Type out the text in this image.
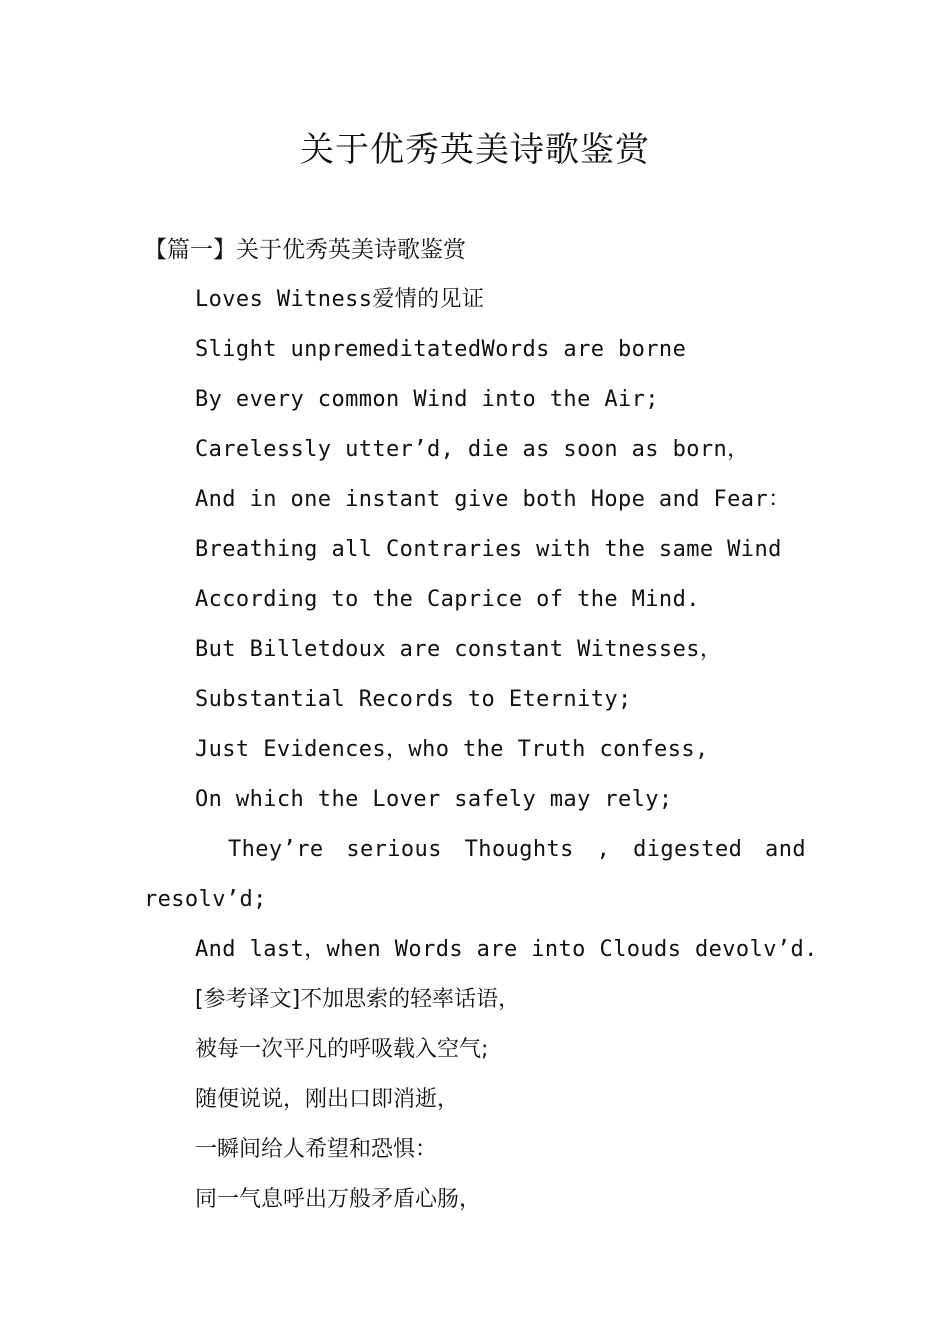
关于优秀英美诗歌鉴赏

【篇一】关于优秀英美诗歌鉴赏

Loves Witness爱情的见证
Slight unpremeditatedWords are borne
By every common Wind into the Air;
Carelessly utter’d, die as soon as born，
And in one instant give both Hope and Fear：
Breathing all Contraries with the same Wind
According to the Caprice of the Mind.
But Billetdoux are constant Witnesses，
Substantial Records to Eternity;
Just Evidences，who the Truth confess,
On which the Lover safely may rely;
They’re serious Thoughts , digested and
resolv’d;
And last，when Words are into Clouds devolv’d.
[参考译文]不加思索的轻率话语，
被每一次平凡的呼吸载入空气;
随便说说，刚出口即消逝，
一瞬间给人希望和恐惧：
同一气息呼出万般矛盾心肠，
